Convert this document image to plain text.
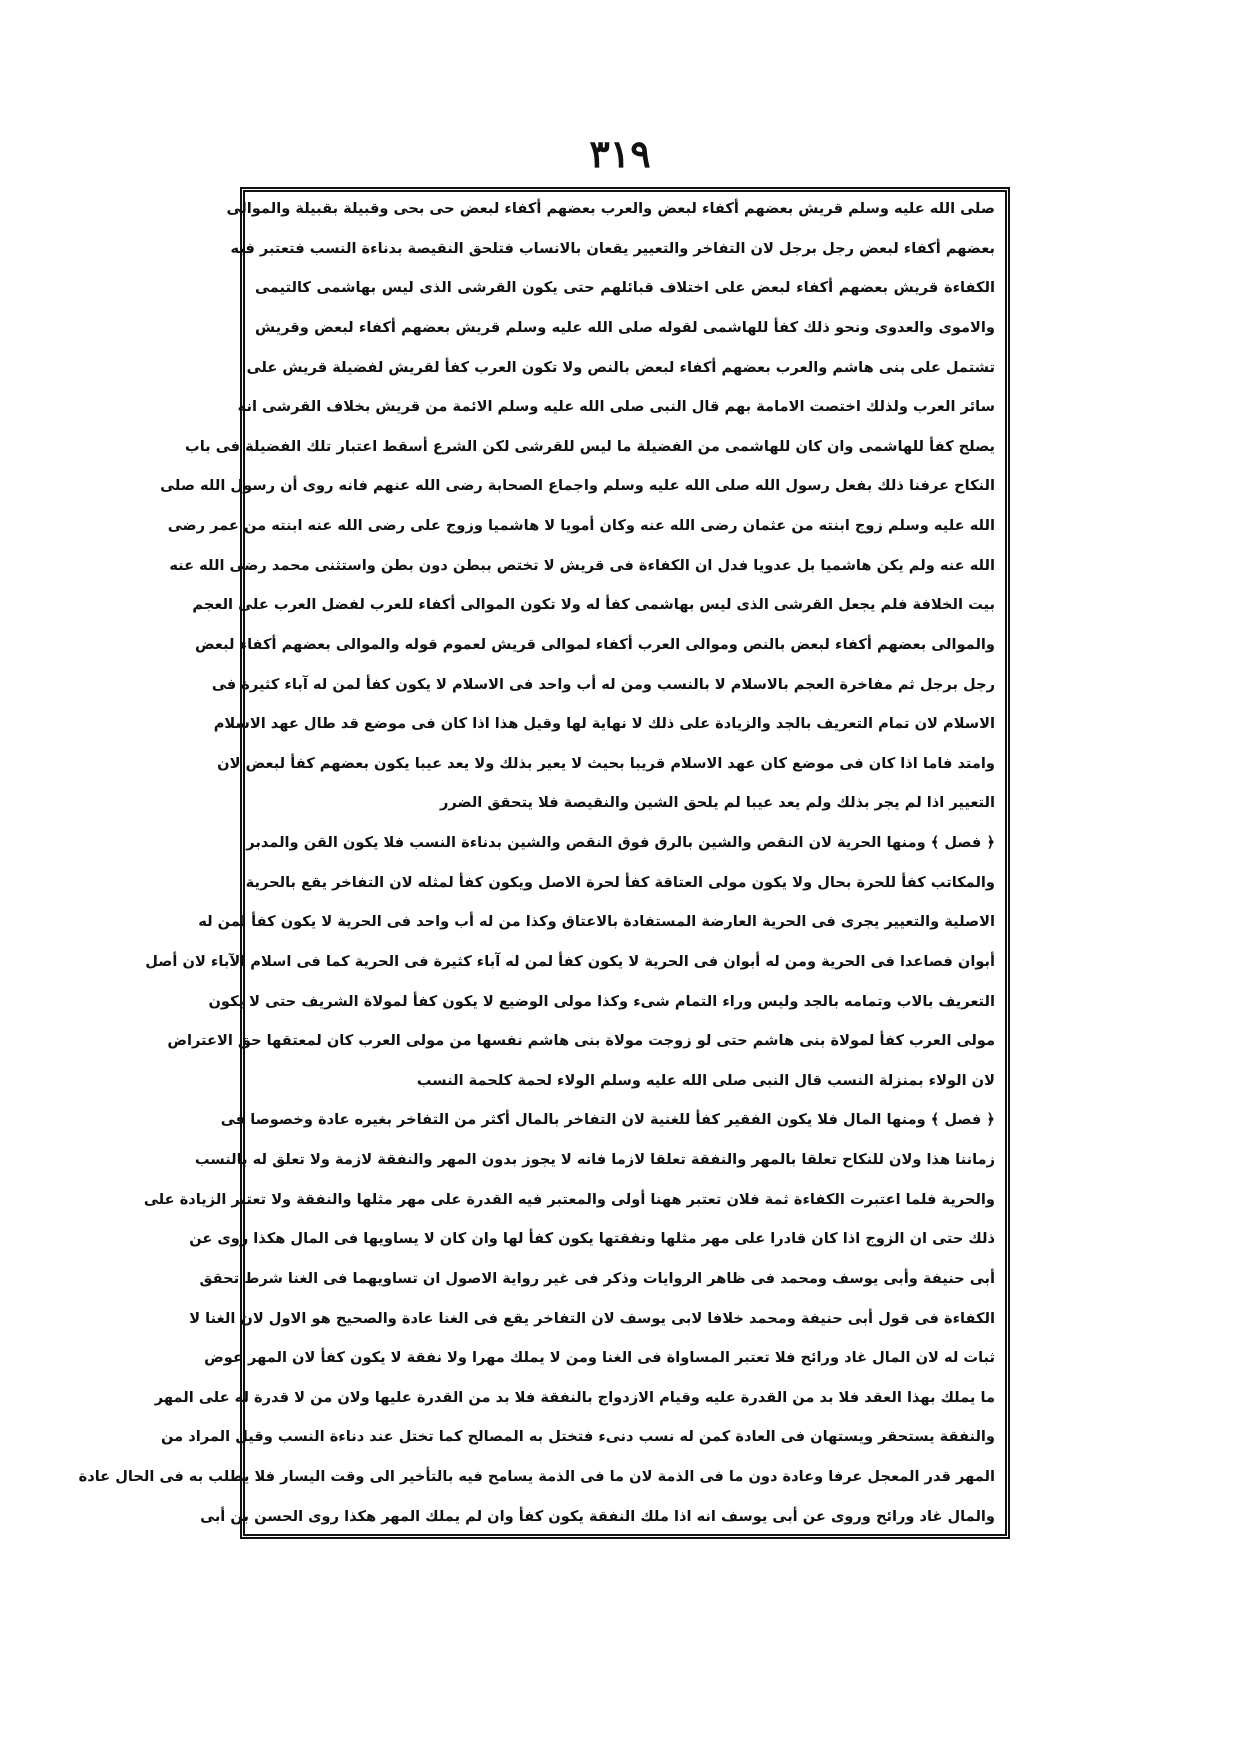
٣١٩
صلى الله عليه وسلم قريش بعضهم أكفاء لبعض والعرب بعضهم أكفاء لبعض حى بحى وقبيلة بقبيلة والموالى
بعضهم أكفاء لبعض رجل برجل لان التفاخر والتعيير يقعان بالانساب فتلحق النقيصة بدناءة النسب فتعتبر فيه
الكفاءة قريش بعضهم أكفاء لبعض على اختلاف قبائلهم حتى يكون القرشى الذى ليس بهاشمى كالتيمى
والاموى والعدوى ونحو ذلك كفأ للهاشمى لقوله صلى الله عليه وسلم قريش بعضهم أكفاء لبعض وقريش
تشتمل على بنى هاشم والعرب بعضهم أكفاء لبعض بالنص ولا تكون العرب كفأ لقريش لفضيلة قريش على
سائر العرب ولذلك اختصت الامامة بهم قال النبى صلى الله عليه وسلم الائمة من قريش بخلاف القرشى انه
يصلح كفأ للهاشمى وان كان للهاشمى من الفضيلة ما ليس للقرشى لكن الشرع أسقط اعتبار تلك الفضيلة فى باب
النكاح عرفنا ذلك بفعل رسول الله صلى الله عليه وسلم واجماع الصحابة رضى الله عنهم فانه روى أن رسول الله صلى
الله عليه وسلم زوج ابنته من عثمان رضى الله عنه وكان أمويا لا هاشميا وزوج على رضى الله عنه ابنته من عمر رضى
الله عنه ولم يكن هاشميا بل عدويا فدل ان الكفاءة فى قريش لا تختص ببطن دون بطن واستثنى محمد رضى الله عنه
بيت الخلافة فلم يجعل القرشى الذى ليس بهاشمى كفأ له ولا تكون الموالى أكفاء للعرب لفضل العرب على العجم
والموالى بعضهم أكفاء لبعض بالنص وموالى العرب أكفاء لموالى قريش لعموم قوله والموالى بعضهم أكفاء لبعض
رجل برجل ثم مفاخرة العجم بالاسلام لا بالنسب ومن له أب واحد فى الاسلام لا يكون كفأ لمن له آباء كثيرة فى
الاسلام لان تمام التعريف بالجد والزيادة على ذلك لا نهاية لها وقيل هذا اذا كان فى موضع قد طال عهد الاسلام
وامتد فاما اذا كان فى موضع كان عهد الاسلام قريبا بحيث لا يعير بذلك ولا يعد عيبا يكون بعضهم كفأ لبعض لان
التعيير اذا لم يجر بذلك ولم يعد عيبا لم يلحق الشين والنقيصة فلا يتحقق الضرر
﴿ فصل ﴾ ومنها الحرية لان النقص والشين بالرق فوق النقص والشين بدناءة النسب فلا يكون القن والمدبر
والمكاتب كفأ للحرة بحال ولا يكون مولى العتاقة كفأ لحرة الاصل ويكون كفأ لمثله لان التفاخر يقع بالحرية
الاصلية والتعيير يجرى فى الحرية العارضة المستفادة بالاعتاق وكذا من له أب واحد فى الحرية لا يكون كفأ لمن له
أبوان فصاعدا فى الحرية ومن له أبوان فى الحرية لا يكون كفأ لمن له آباء كثيرة فى الحرية كما فى اسلام الآباء لان أصل
التعريف بالاب وتمامه بالجد وليس وراء التمام شىء وكذا مولى الوضيع لا يكون كفأ لمولاة الشريف حتى لا يكون
مولى العرب كفأ لمولاة بنى هاشم حتى لو زوجت مولاة بنى هاشم نفسها من مولى العرب كان لمعتقها حق الاعتراض
لان الولاء بمنزلة النسب قال النبى صلى الله عليه وسلم الولاء لحمة كلحمة النسب
﴿ فصل ﴾ ومنها المال فلا يكون الفقير كفأ للغنية لان التفاخر بالمال أكثر من التفاخر بغيره عادة وخصوصا فى
زماننا هذا ولان للنكاح تعلقا بالمهر والنفقة تعلقا لازما فانه لا يجوز بدون المهر والنفقة لازمة ولا تعلق له بالنسب
والحرية فلما اعتبرت الكفاءة ثمة فلان تعتبر ههنا أولى والمعتبر فيه القدرة على مهر مثلها والنفقة ولا تعتبر الزيادة على
ذلك حتى ان الزوج اذا كان قادرا على مهر مثلها ونفقتها يكون كفأ لها وان كان لا يساويها فى المال هكذا روى عن
أبى حنيفة وأبى يوسف ومحمد فى ظاهر الروايات وذكر فى غير رواية الاصول ان تساويهما فى الغنا شرط تحقق
الكفاءة فى قول أبى حنيفة ومحمد خلافا لابى يوسف لان التفاخر يقع فى الغنا عادة والصحيح هو الاول لان الغنا لا
ثبات له لان المال غاد ورائح فلا تعتبر المساواة فى الغنا ومن لا يملك مهرا ولا نفقة لا يكون كفأ لان المهر عوض
ما يملك بهذا العقد فلا بد من القدرة عليه وقيام الازدواج بالنفقة فلا بد من القدرة عليها ولان من لا قدرة له على المهر
والنفقة يستحقر ويستهان فى العادة كمن له نسب دنىء فتختل به المصالح كما تختل عند دناءة النسب وقيل المراد من
المهر قدر المعجل عرفا وعادة دون ما فى الذمة لان ما فى الذمة يسامح فيه بالتأخير الى وقت اليسار فلا يطلب به فى الحال عادة
والمال غاد ورائح وروى عن أبى يوسف انه اذا ملك النفقة يكون كفأ وان لم يملك المهر هكذا روى الحسن بن أبى
